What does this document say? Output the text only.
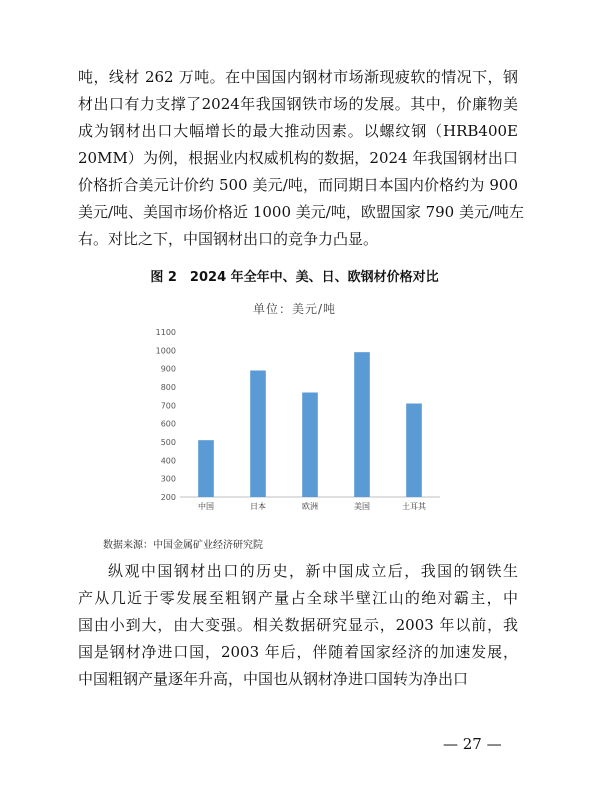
吨，线材 262 万吨。在中国国内钢材市场渐现疲软的情况下，钢
材出口有力支撑了2024年我国钢铁市场的发展。其中，价廉物美
成为钢材出口大幅增长的最大推动因素。以螺纹钢（HRB400E
20MM）为例，根据业内权威机构的数据，2024 年我国钢材出口
价格折合美元计价约 500 美元/吨，而同期日本国内价格约为 900
美元/吨、美国市场价格近 1000 美元/吨，欧盟国家 790 美元/吨左
右。对比之下，中国钢材出口的竞争力凸显。
图 2　2024 年全年中、美、日、欧钢材价格对比
单位：美元/吨
200
300
400
500
600
700
800
900
1000
1100
中国	日本	欧洲	美国	土耳其
数据来源：中国金属矿业经济研究院
纵观中国钢材出口的历史，新中国成立后，我国的钢铁生
产从几近于零发展至粗钢产量占全球半壁江山的绝对霸主，中
国由小到大，由大变强。相关数据研究显示，2003 年以前，我
国是钢材净进口国，2003 年后，伴随着国家经济的加速发展，
中国粗钢产量逐年升高，中国也从钢材净进口国转为净出口
— 27 —
